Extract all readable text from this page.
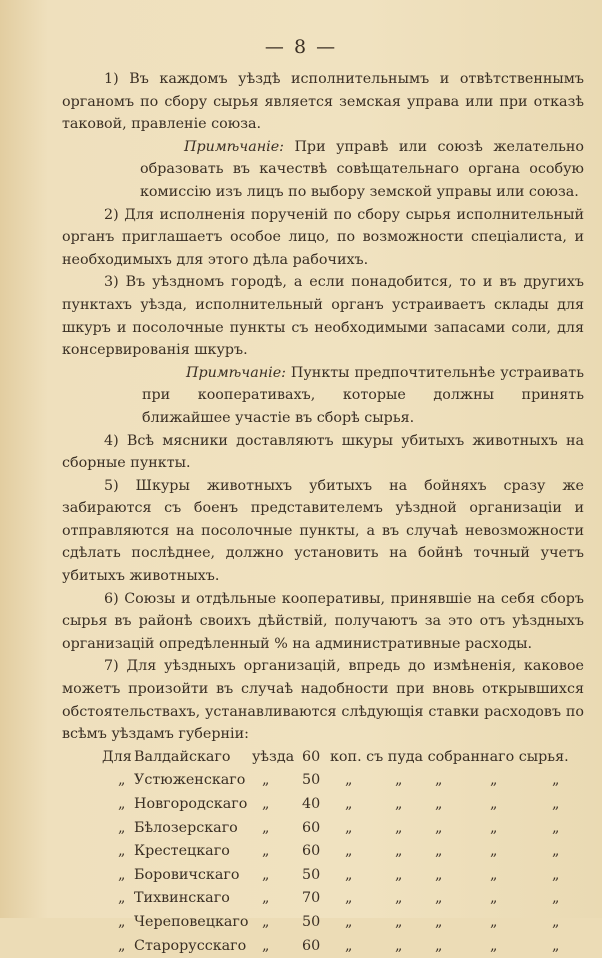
— 8 —

1) Въ каждомъ уѣздѣ исполнительнымъ и отвѣтственнымъ органомъ по сбору сырья является земская управа или при отказѣ таковой, правленіе союза.

Примѣчаніе: При управѣ или союзѣ желательно образовать въ качествѣ совѣщательнаго органа особую комиссію изъ лицъ по выбору земской управы или союза.

2) Для исполненія порученій по сбору сырья исполнительный органъ приглашаетъ особое лицо, по возможности спеціалиста, и необходимыхъ для этого дѣла рабочихъ.

3) Въ уѣздномъ городѣ, а если понадобится, то и въ другихъ пунктахъ уѣзда, исполнительный органъ устраиваетъ склады для шкуръ и посолочные пункты съ необходимыми запасами соли, для консервированія шкуръ.

Примѣчаніе: Пункты предпочтительнѣе устраивать при кооперативахъ, которые должны принять ближайшее участіе въ сборѣ сырья.

4) Всѣ мясники доставляютъ шкуры убитыхъ животныхъ на сборные пункты.

5) Шкуры животныхъ убитыхъ на бойняхъ сразу же забираются съ боенъ представителемъ уѣздной организаціи и отправляются на посолочные пункты, а въ случаѣ невозможности сдѣлать послѣднее, должно установить на бойнѣ точный учетъ убитыхъ животныхъ.

6) Союзы и отдѣльные кооперативы, принявшіе на себя сборъ сырья въ районѣ своихъ дѣйствій, получаютъ за это отъ уѣздныхъ организацій опредѣленный % на административные расходы.

7) Для уѣздныхъ организацій, впредь до измѣненія, каковое можетъ произойти въ случаѣ надобности при вновь открывшихся обстоятельствахъ, устанавливаются слѣдующія ставки расходовъ по всѣмъ уѣздамъ губерніи:

Для Валдайскаго уѣзда 60 коп. съ пуда собраннаго сырья.
„ Устюженскаго „ 50 „	„ „	„	„
„ Новгородскаго „ 40 „	„ „	„	„
„ Бѣлозерскаго „ 60 „	„ „	„	„
„ Крестецкаго „ 60 „	„ „	„	„
„ Боровичскаго „ 50 „	„ „	„	„
„ Тихвинскаго „ 70 „	„ „	„	„
„ Череповецкаго „ 50 „	„ „	„	„
„ Старорусскаго „ 60 „	„ „	„	„
